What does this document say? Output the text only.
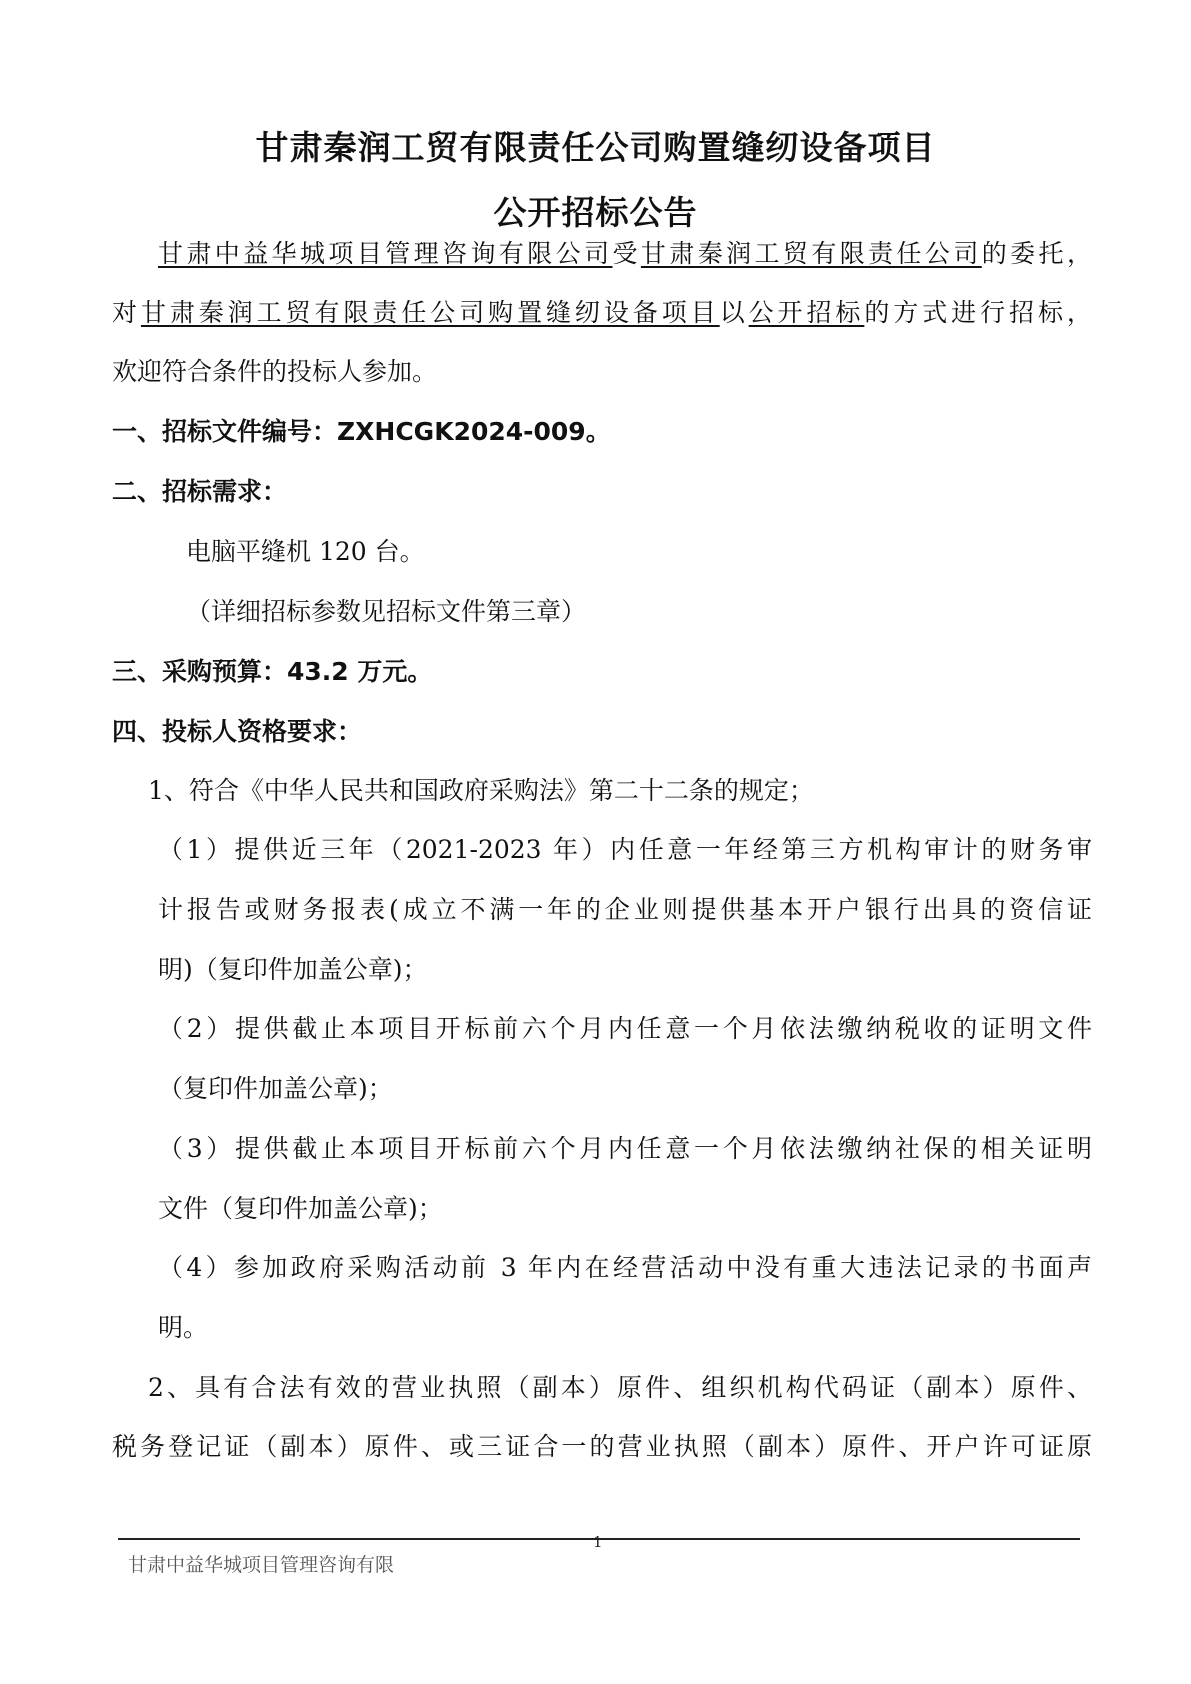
甘肃秦润工贸有限责任公司购置缝纫设备项目
公开招标公告
甘肃中益华城项目管理咨询有限公司受甘肃秦润工贸有限责任公司的委托，
对甘肃秦润工贸有限责任公司购置缝纫设备项目以公开招标的方式进行招标，
欢迎符合条件的投标人参加。
一、招标文件编号：ZXHCGK2024-009。
二、招标需求：
电脑平缝机 120 台。
（详细招标参数见招标文件第三章）
三、采购预算：43.2 万元。
四、投标人资格要求：
1、符合《中华人民共和国政府采购法》第二十二条的规定；
（1）提供近三年（2021-2023 年）内任意一年经第三方机构审计的财务审
计报告或财务报表(成立不满一年的企业则提供基本开户银行出具的资信证
明)（复印件加盖公章)；
（2）提供截止本项目开标前六个月内任意一个月依法缴纳税收的证明文件
（复印件加盖公章)；
（3）提供截止本项目开标前六个月内任意一个月依法缴纳社保的相关证明
文件（复印件加盖公章)；
（4）参加政府采购活动前 3 年内在经营活动中没有重大违法记录的书面声
明。
2、具有合法有效的营业执照（副本）原件、组织机构代码证（副本）原件、
税务登记证（副本）原件、或三证合一的营业执照（副本）原件、开户许可证原
1
甘肃中益华城项目管理咨询有限
